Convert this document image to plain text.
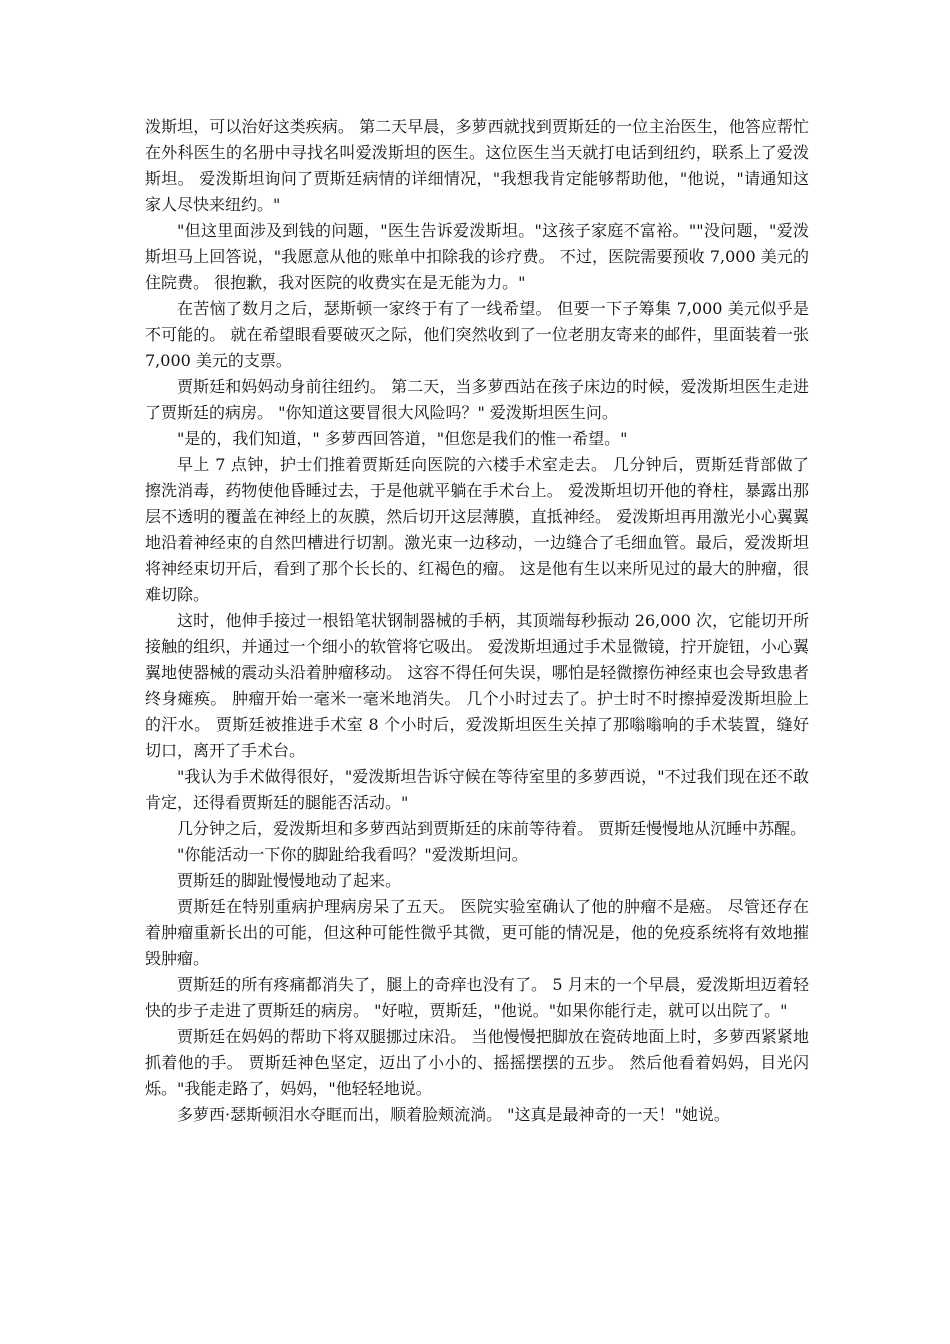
泼斯坦，可以治好这类疾病。 第二天早晨，多萝西就找到贾斯廷的一位主治医生，他答应帮忙在外科医生的名册中寻找名叫爱泼斯坦的医生。这位医生当天就打电话到纽约，联系上了爱泼斯坦。 爱泼斯坦询问了贾斯廷病情的详细情况，"我想我肯定能够帮助他，"他说，"请通知这家人尽快来纽约。"

"但这里面涉及到钱的问题，"医生告诉爱泼斯坦。"这孩子家庭不富裕。""没问题，"爱泼斯坦马上回答说，"我愿意从他的账单中扣除我的诊疗费。 不过，医院需要预收 7,000 美元的住院费。 很抱歉，我对医院的收费实在是无能为力。"

在苦恼了数月之后，瑟斯顿一家终于有了一线希望。 但要一下子筹集 7,000 美元似乎是不可能的。 就在希望眼看要破灭之际，他们突然收到了一位老朋友寄来的邮件，里面装着一张 7,000 美元的支票。

贾斯廷和妈妈动身前往纽约。 第二天，当多萝西站在孩子床边的时候，爱泼斯坦医生走进了贾斯廷的病房。 "你知道这要冒很大风险吗？" 爱泼斯坦医生问。

"是的，我们知道，" 多萝西回答道，"但您是我们的惟一希望。"

早上 7 点钟，护士们推着贾斯廷向医院的六楼手术室走去。 几分钟后，贾斯廷背部做了擦洗消毒，药物使他昏睡过去，于是他就平躺在手术台上。 爱泼斯坦切开他的脊柱，暴露出那层不透明的覆盖在神经上的灰膜，然后切开这层薄膜，直抵神经。 爱泼斯坦再用激光小心翼翼地沿着神经束的自然凹槽进行切割。激光束一边移动，一边缝合了毛细血管。最后，爱泼斯坦将神经束切开后，看到了那个长长的、红褐色的瘤。 这是他有生以来所见过的最大的肿瘤，很难切除。

这时，他伸手接过一根铅笔状钢制器械的手柄，其顶端每秒振动 26,000 次，它能切开所接触的组织，并通过一个细小的软管将它吸出。 爱泼斯坦通过手术显微镜，拧开旋钮，小心翼翼地使器械的震动头沿着肿瘤移动。 这容不得任何失误，哪怕是轻微擦伤神经束也会导致患者终身瘫痪。 肿瘤开始一毫米一毫米地消失。 几个小时过去了。护士时不时擦掉爱泼斯坦脸上的汗水。 贾斯廷被推进手术室 8 个小时后，爱泼斯坦医生关掉了那嗡嗡响的手术装置，缝好切口，离开了手术台。

"我认为手术做得很好，"爱泼斯坦告诉守候在等待室里的多萝西说，"不过我们现在还不敢肯定，还得看贾斯廷的腿能否活动。"

几分钟之后，爱泼斯坦和多萝西站到贾斯廷的床前等待着。 贾斯廷慢慢地从沉睡中苏醒。

"你能活动一下你的脚趾给我看吗？"爱泼斯坦问。

贾斯廷的脚趾慢慢地动了起来。

贾斯廷在特别重病护理病房呆了五天。 医院实验室确认了他的肿瘤不是癌。 尽管还存在着肿瘤重新长出的可能，但这种可能性微乎其微，更可能的情况是，他的免疫系统将有效地摧毁肿瘤。

贾斯廷的所有疼痛都消失了，腿上的奇痒也没有了。 5 月末的一个早晨，爱泼斯坦迈着轻快的步子走进了贾斯廷的病房。 "好啦，贾斯廷，"他说。"如果你能行走，就可以出院了。"

贾斯廷在妈妈的帮助下将双腿挪过床沿。 当他慢慢把脚放在瓷砖地面上时，多萝西紧紧地抓着他的手。 贾斯廷神色坚定，迈出了小小的、摇摇摆摆的五步。 然后他看着妈妈，目光闪烁。"我能走路了，妈妈，"他轻轻地说。

多萝西·瑟斯顿泪水夺眶而出，顺着脸颊流淌。 "这真是最神奇的一天！"她说。
